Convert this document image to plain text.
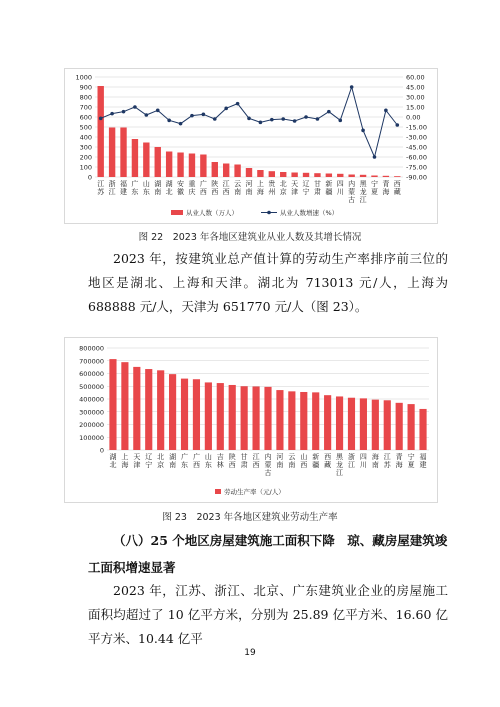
1000
900
800
700
600
500
400
300
200
100
0
60.00
45.00
30.00
15.00
0.00
-15.00
-30.00
-45.00
-60.00
-75.00
-90.00
江苏
浙江
福建
广东
山东
湖南
湖北
安徽
重庆
广西
陕西
江西
云南
河南
上海
贵州
北京
天津
辽宁
甘肃
新疆
四川
内蒙古
黑龙江
宁夏
青海
西藏
从业人数（万人）	从业人数增速（%）
图 22　2023 年各地区建筑业从业人数及其增长情况

2023 年，按建筑业总产值计算的劳动生产率排序前三位的地区是湖北、上海和天津。湖北为 713013 元/人，上海为 688888 元/人，天津为 651770 元/人（图 23）。

800000
700000
600000
500000
400000
300000
200000
100000
0
湖北
上海
天津
辽宁
北京
湖南
广东
广西
山东
吉林
陕西
甘肃
江西
内蒙古
河南
云南
山西
新疆
西藏
黑龙江
浙江
四川
海南
江苏
青海
宁夏
福建
劳动生产率（元/人）
图 23　2023 年各地区建筑业劳动生产率

（八）25 个地区房屋建筑施工面积下降　琼、藏房屋建筑竣工面积增速显著

2023 年，江苏、浙江、北京、广东建筑业企业的房屋施工面积均超过了 10 亿平方米，分别为 25.89 亿平方米、16.60 亿平方米、10.44 亿平

19
